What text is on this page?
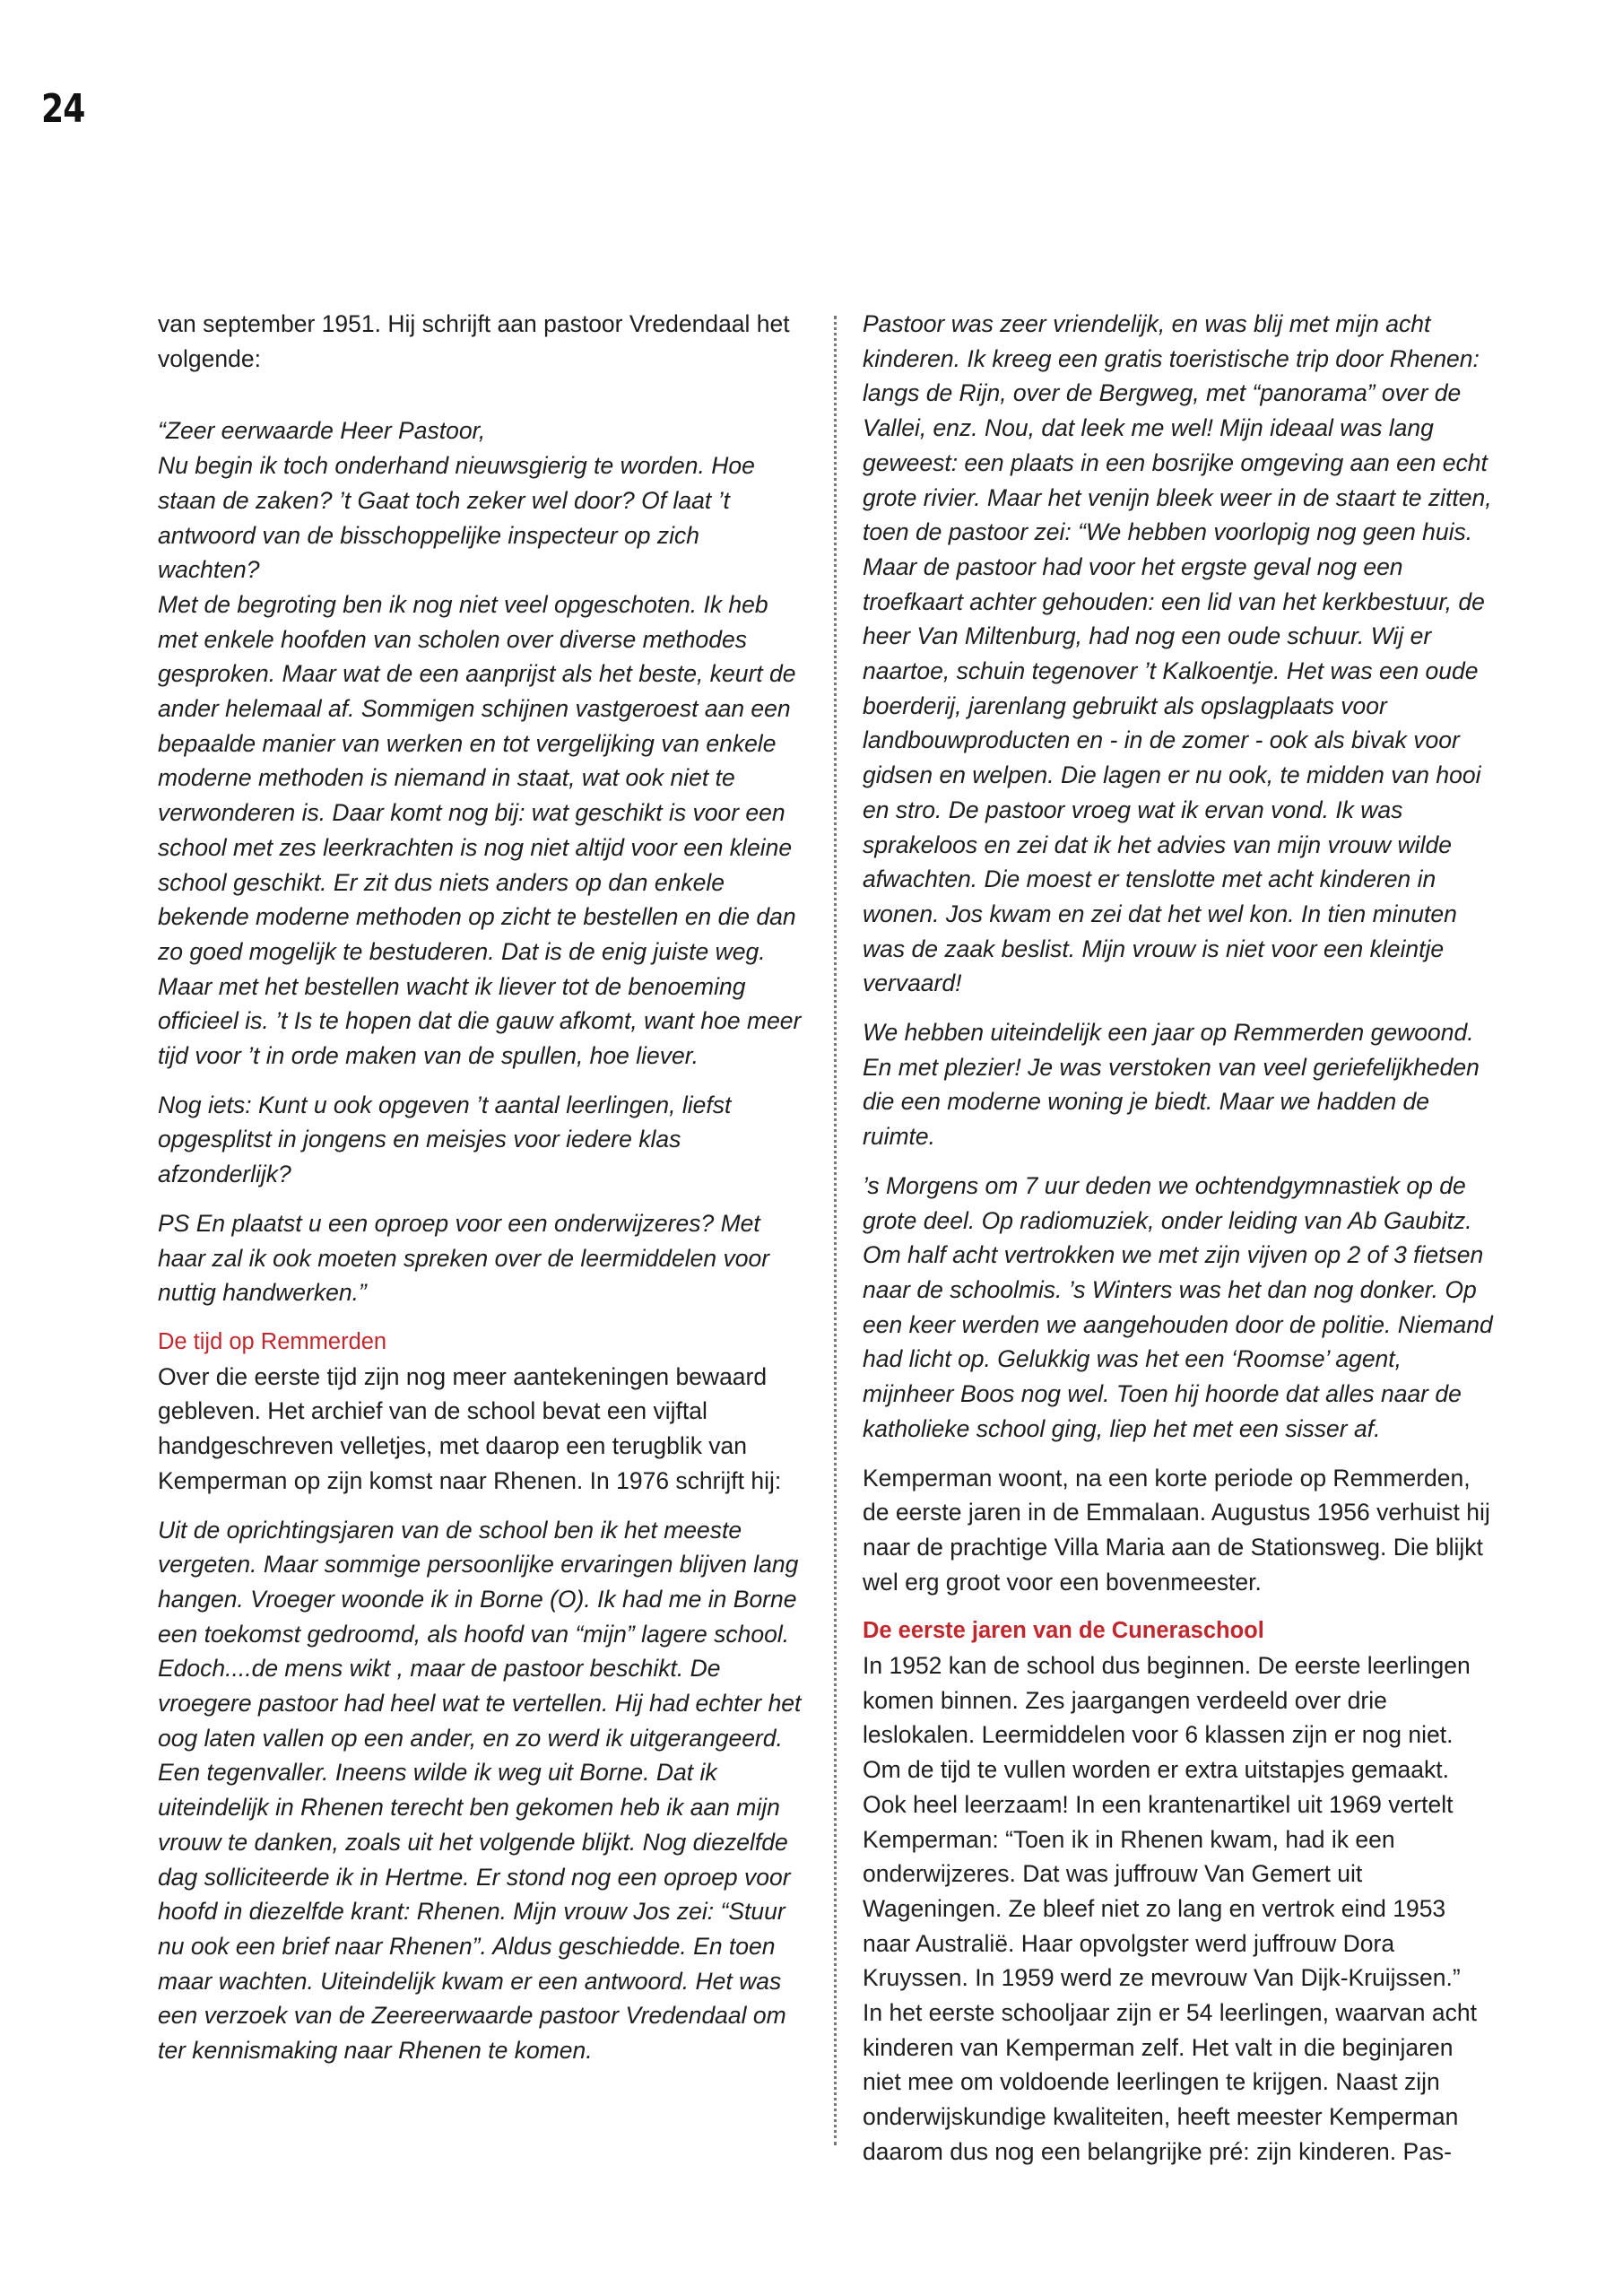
24

van september 1951. Hij schrijft aan pastoor Vredendaal het volgende:

“Zeer eerwaarde Heer Pastoor,

Nu begin ik toch onderhand nieuwsgierig te worden. Hoe staan de zaken? ’t Gaat toch zeker wel door? Of laat ’t antwoord van de bisschoppelijke inspecteur op zich wachten?

Met de begroting ben ik nog niet veel opgeschoten. Ik heb met enkele hoofden van scholen over diverse methodes gesproken. Maar wat de een aanprijst als het beste, keurt de ander helemaal af. Sommigen schijnen vastgeroest aan een bepaalde manier van werken en tot vergelijking van enkele moderne methoden is niemand in staat, wat ook niet te verwonderen is. Daar komt nog bij: wat geschikt is voor een school met zes leerkrachten is nog niet altijd voor een kleine school geschikt. Er zit dus niets anders op dan enkele bekende moderne methoden op zicht te bestellen en die dan zo goed mogelijk te bestuderen. Dat is de enig juiste weg. Maar met het bestellen wacht ik liever tot de benoeming officieel is. ’t Is te hopen dat die gauw afkomt, want hoe meer tijd voor ’t in orde maken van de spullen, hoe liever.

Nog iets: Kunt u ook opgeven ’t aantal leerlingen, liefst opgesplitst in jongens en meisjes voor iedere klas afzonderlijk?

PS En plaatst u een oproep voor een onderwijzeres? Met haar zal ik ook moeten spreken over de leermiddelen voor nuttig handwerken.”

De tijd op Remmerden

Over die eerste tijd zijn nog meer aantekeningen bewaard gebleven. Het archief van de school bevat een vijftal handgeschreven velletjes, met daarop een terugblik van Kemperman op zijn komst naar Rhenen. In 1976 schrijft hij:

Uit de oprichtingsjaren van de school ben ik het meeste vergeten. Maar sommige persoonlijke ervaringen blijven lang hangen. Vroeger woonde ik in Borne (O). Ik had me in Borne een toekomst gedroomd, als hoofd van “mijn” lagere school. Edoch....de mens wikt , maar de pastoor beschikt. De vroegere pastoor had heel wat te vertellen. Hij had echter het oog laten vallen op een ander, en zo werd ik uitgerangeerd. Een tegenvaller. Ineens wilde ik weg uit Borne. Dat ik uiteindelijk in Rhenen terecht ben gekomen heb ik aan mijn vrouw te danken, zoals uit het volgende blijkt. Nog diezelfde dag solliciteerde ik in Hertme. Er stond nog een oproep voor hoofd in diezelfde krant: Rhenen. Mijn vrouw Jos zei: “Stuur nu ook een brief naar Rhenen”. Aldus geschiedde. En toen maar wachten. Uiteindelijk kwam er een antwoord. Het was een verzoek van de Zeereerwaarde pastoor Vredendaal om ter kennismaking naar Rhenen te komen.

Pastoor was zeer vriendelijk, en was blij met mijn acht kinderen. Ik kreeg een gratis toeristische trip door Rhenen: langs de Rijn, over de Bergweg, met “panorama” over de Vallei, enz. Nou, dat leek me wel! Mijn ideaal was lang geweest: een plaats in een bosrijke omgeving aan een echt grote rivier. Maar het venijn bleek weer in de staart te zitten, toen de pastoor zei: “We hebben voorlopig nog geen huis. Maar de pastoor had voor het ergste geval nog een troefkaart achter gehouden: een lid van het kerkbestuur, de heer Van Miltenburg, had nog een oude schuur. Wij er naartoe, schuin tegenover ’t Kalkoentje. Het was een oude boerderij, jarenlang gebruikt als opslagplaats voor landbouwproducten en - in de zomer - ook als bivak voor gidsen en welpen. Die lagen er nu ook, te midden van hooi en stro. De pastoor vroeg wat ik ervan vond. Ik was sprakeloos en zei dat ik het advies van mijn vrouw wilde afwachten. Die moest er tenslotte met acht kinderen in wonen. Jos kwam en zei dat het wel kon. In tien minuten was de zaak beslist. Mijn vrouw is niet voor een kleintje vervaard!

We hebben uiteindelijk een jaar op Remmerden gewoond. En met plezier! Je was verstoken van veel geriefelijkheden die een moderne woning je biedt. Maar we hadden de ruimte.

’s Morgens om 7 uur deden we ochtendgymnastiek op de grote deel. Op radiomuziek, onder leiding van Ab Gaubitz. Om half acht vertrokken we met zijn vijven op 2 of 3 fietsen naar de schoolmis. ’s Winters was het dan nog donker. Op een keer werden we aangehouden door de politie. Niemand had licht op. Gelukkig was het een ‘Roomse’ agent, mijnheer Boos nog wel. Toen hij hoorde dat alles naar de katholieke school ging, liep het met een sisser af.

Kemperman woont, na een korte periode op Remmerden, de eerste jaren in de Emmalaan. Augustus 1956 verhuist hij naar de prachtige Villa Maria aan de Stationsweg. Die blijkt wel erg groot voor een bovenmeester.

De eerste jaren van de Cuneraschool

In 1952 kan de school dus beginnen. De eerste leerlingen komen binnen. Zes jaargangen verdeeld over drie leslokalen. Leermiddelen voor 6 klassen zijn er nog niet. Om de tijd te vullen worden er extra uitstapjes gemaakt. Ook heel leerzaam! In een krantenartikel uit 1969 vertelt Kemperman: “Toen ik in Rhenen kwam, had ik een onderwijzeres. Dat was juffrouw Van Gemert uit Wageningen. Ze bleef niet zo lang en vertrok eind 1953 naar Australië. Haar opvolgster werd juffrouw Dora Kruyssen. In 1959 werd ze mevrouw Van Dijk-Kruijssen.”

In het eerste schooljaar zijn er 54 leerlingen, waarvan acht kinderen van Kemperman zelf. Het valt in die beginjaren niet mee om voldoende leerlingen te krijgen. Naast zijn onderwijskundige kwaliteiten, heeft meester Kemperman daarom dus nog een belangrijke pré: zijn kinderen. Pas-
